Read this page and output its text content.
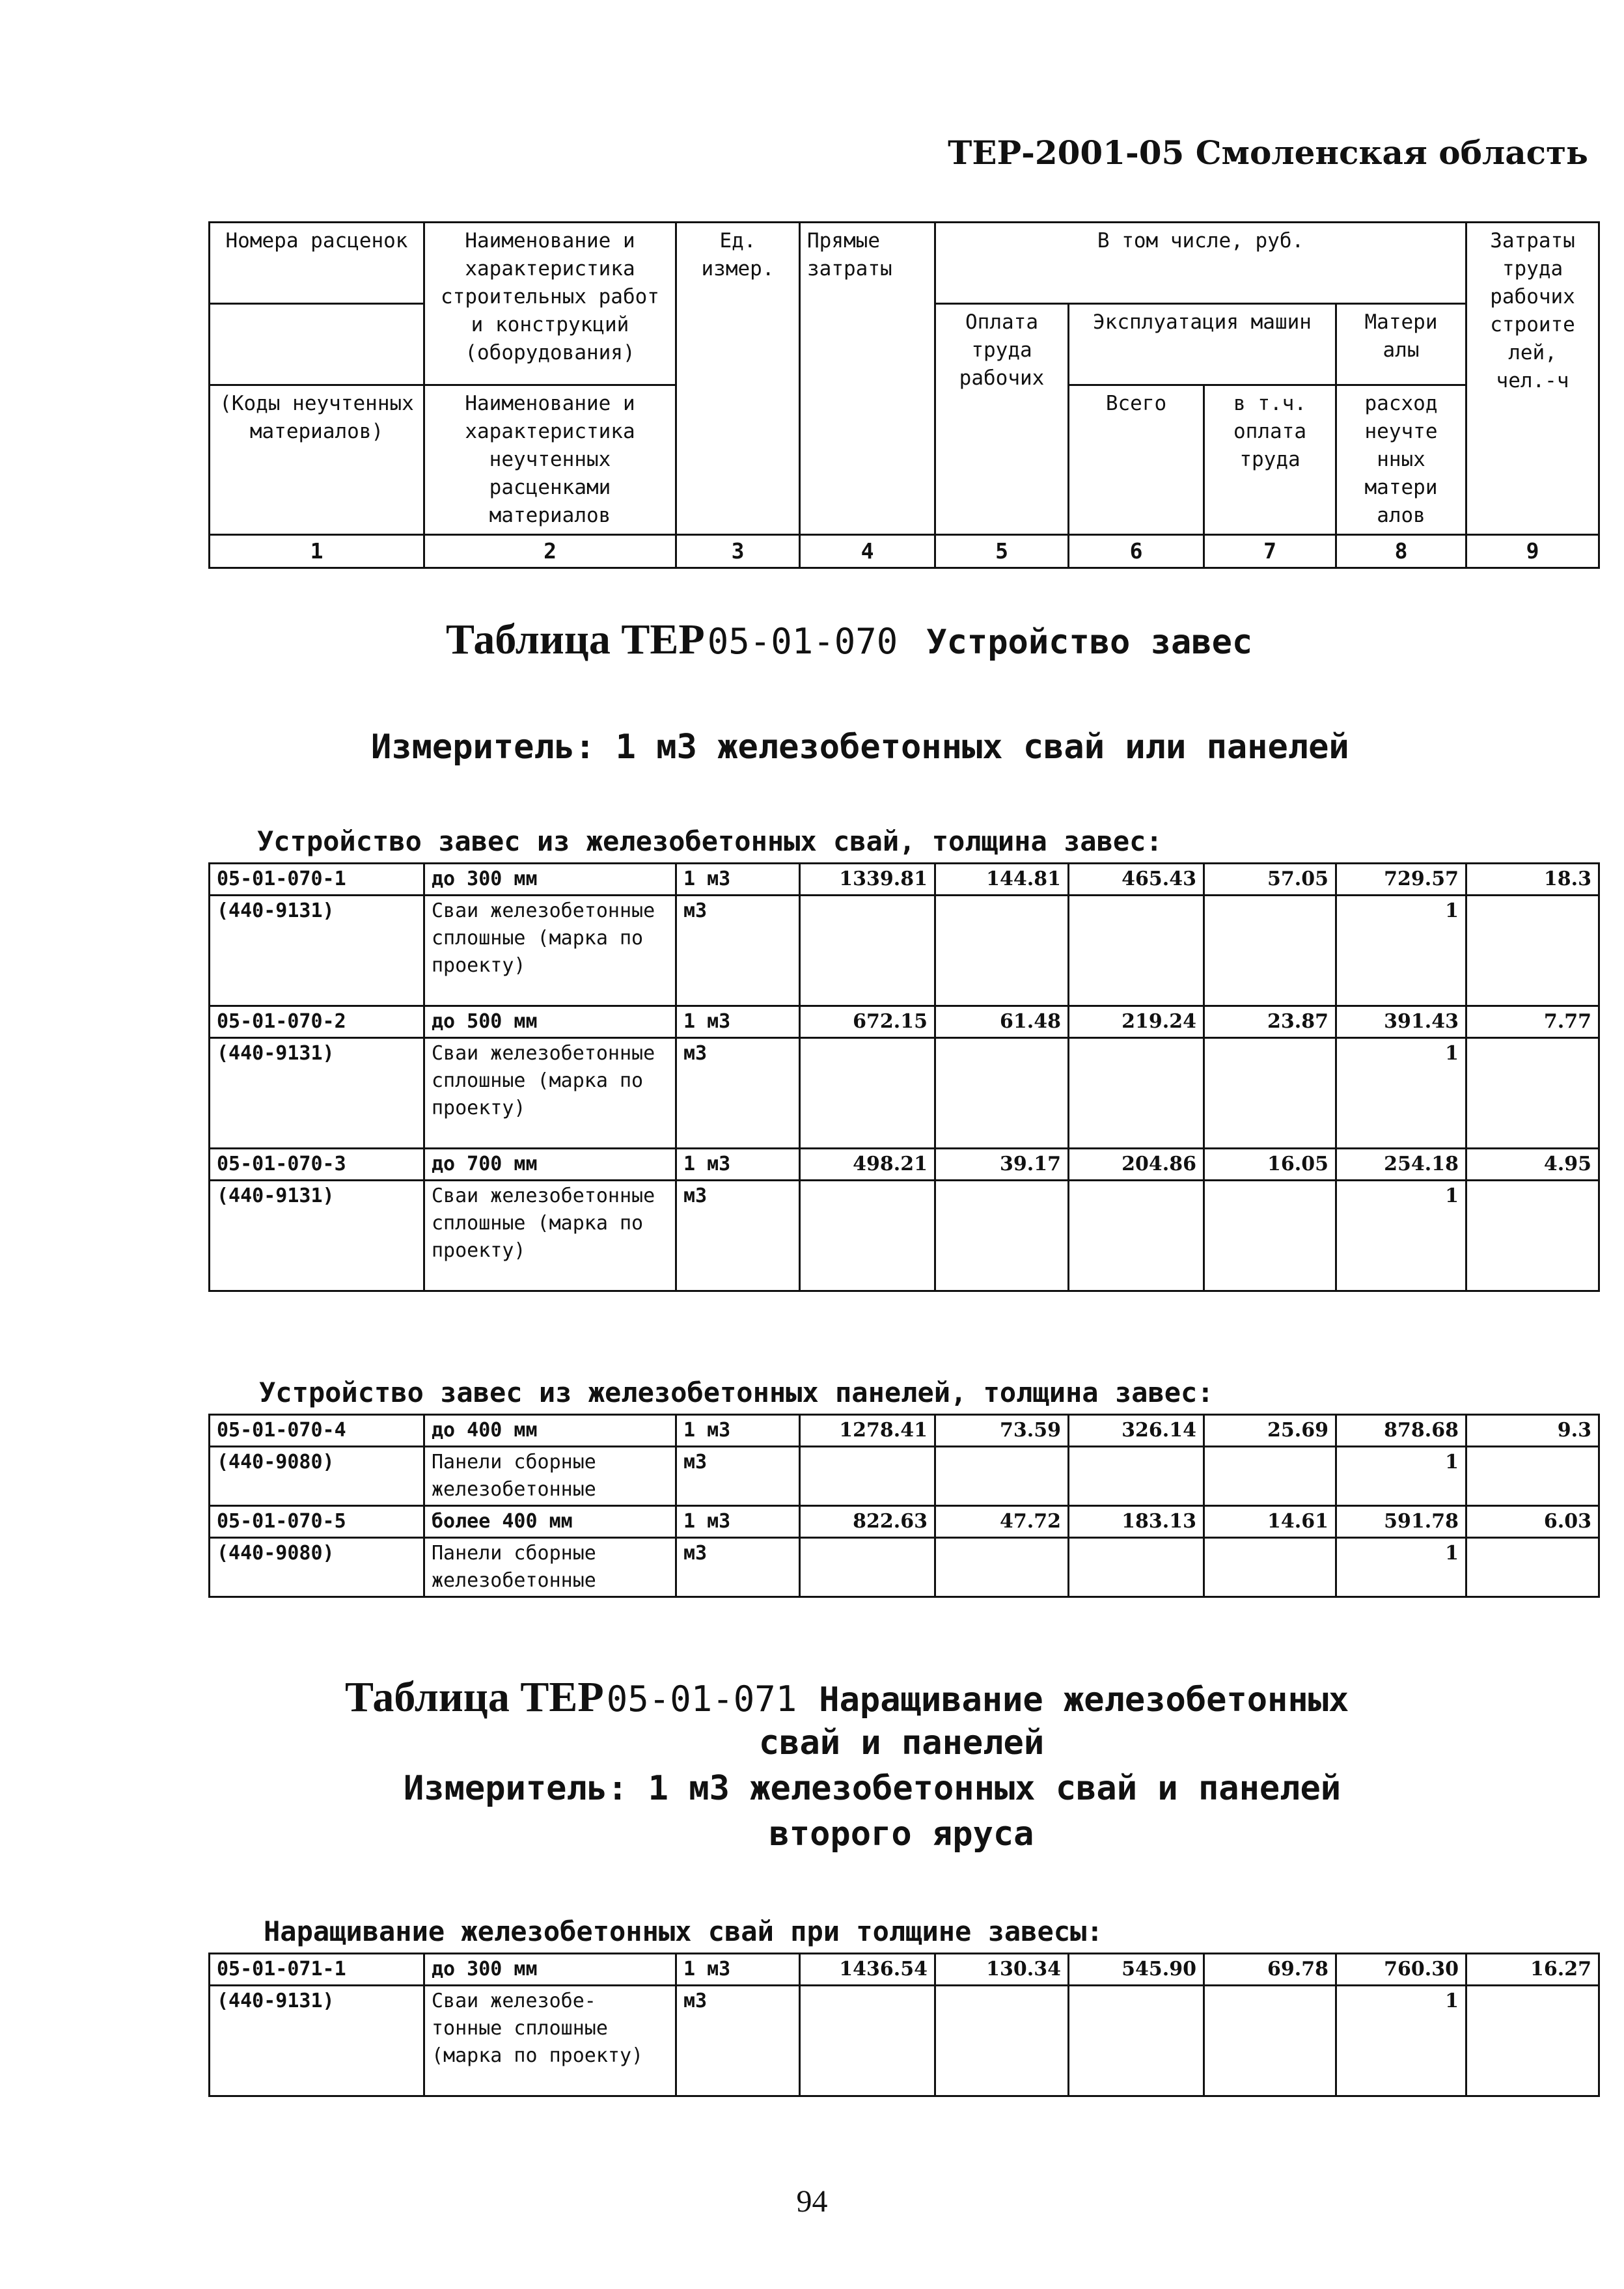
ТЕР-2001-05 Смоленская область
Номера расценок	Наименование и характеристика строительных работ и конструкций (оборудования)	Ед. измер.	Прямые затраты	В том числе, руб.				Затраты труда рабочих строите лей, чел.-ч
				Оплата труда рабочих	Эксплуатация машин		Матери алы	
(Коды неучтенных материалов)	Наименование и характеристика неучтенных расценками материалов				Всего	в т.ч. оплата труда	расход неучте нных матери алов	
1	2	3	4	5	6	7	8	9
Таблица ТЕР 05-01-070 Устройство завес
Измеритель: 1 м3 железобетонных свай или панелей
Устройство завес из железобетонных свай, толщина завес:
05-01-070-1	до 300 мм	1 м3	1339.81	144.81	465.43	57.05	729.57	18.3
(440-9131)	Сваи железобетонные сплошные (марка по проекту)	м3					1	
05-01-070-2	до 500 мм	1 м3	672.15	61.48	219.24	23.87	391.43	7.77
(440-9131)	Сваи железобетонные сплошные (марка по проекту)	м3					1	
05-01-070-3	до 700 мм	1 м3	498.21	39.17	204.86	16.05	254.18	4.95
(440-9131)	Сваи железобетонные сплошные (марка по проекту)	м3					1	
Устройство завес из железобетонных панелей, толщина завес:
05-01-070-4	до 400 мм	1 м3	1278.41	73.59	326.14	25.69	878.68	9.3
(440-9080)	Панели сборные железобетонные	м3					1	
05-01-070-5	более 400 мм	1 м3	822.63	47.72	183.13	14.61	591.78	6.03
(440-9080)	Панели сборные железобетонные	м3					1	
Таблица ТЕР 05-01-071 Наращивание железобетонных
свай и панелей
Измеритель: 1 м3 железобетонных свай и панелей
второго яруса
Наращивание железобетонных свай при толщине завесы:
05-01-071-1	до 300 мм	1 м3	1436.54	130.34	545.90	69.78	760.30	16.27
(440-9131)	Сваи железобе- тонные сплошные (марка по проекту)	м3					1	
94
